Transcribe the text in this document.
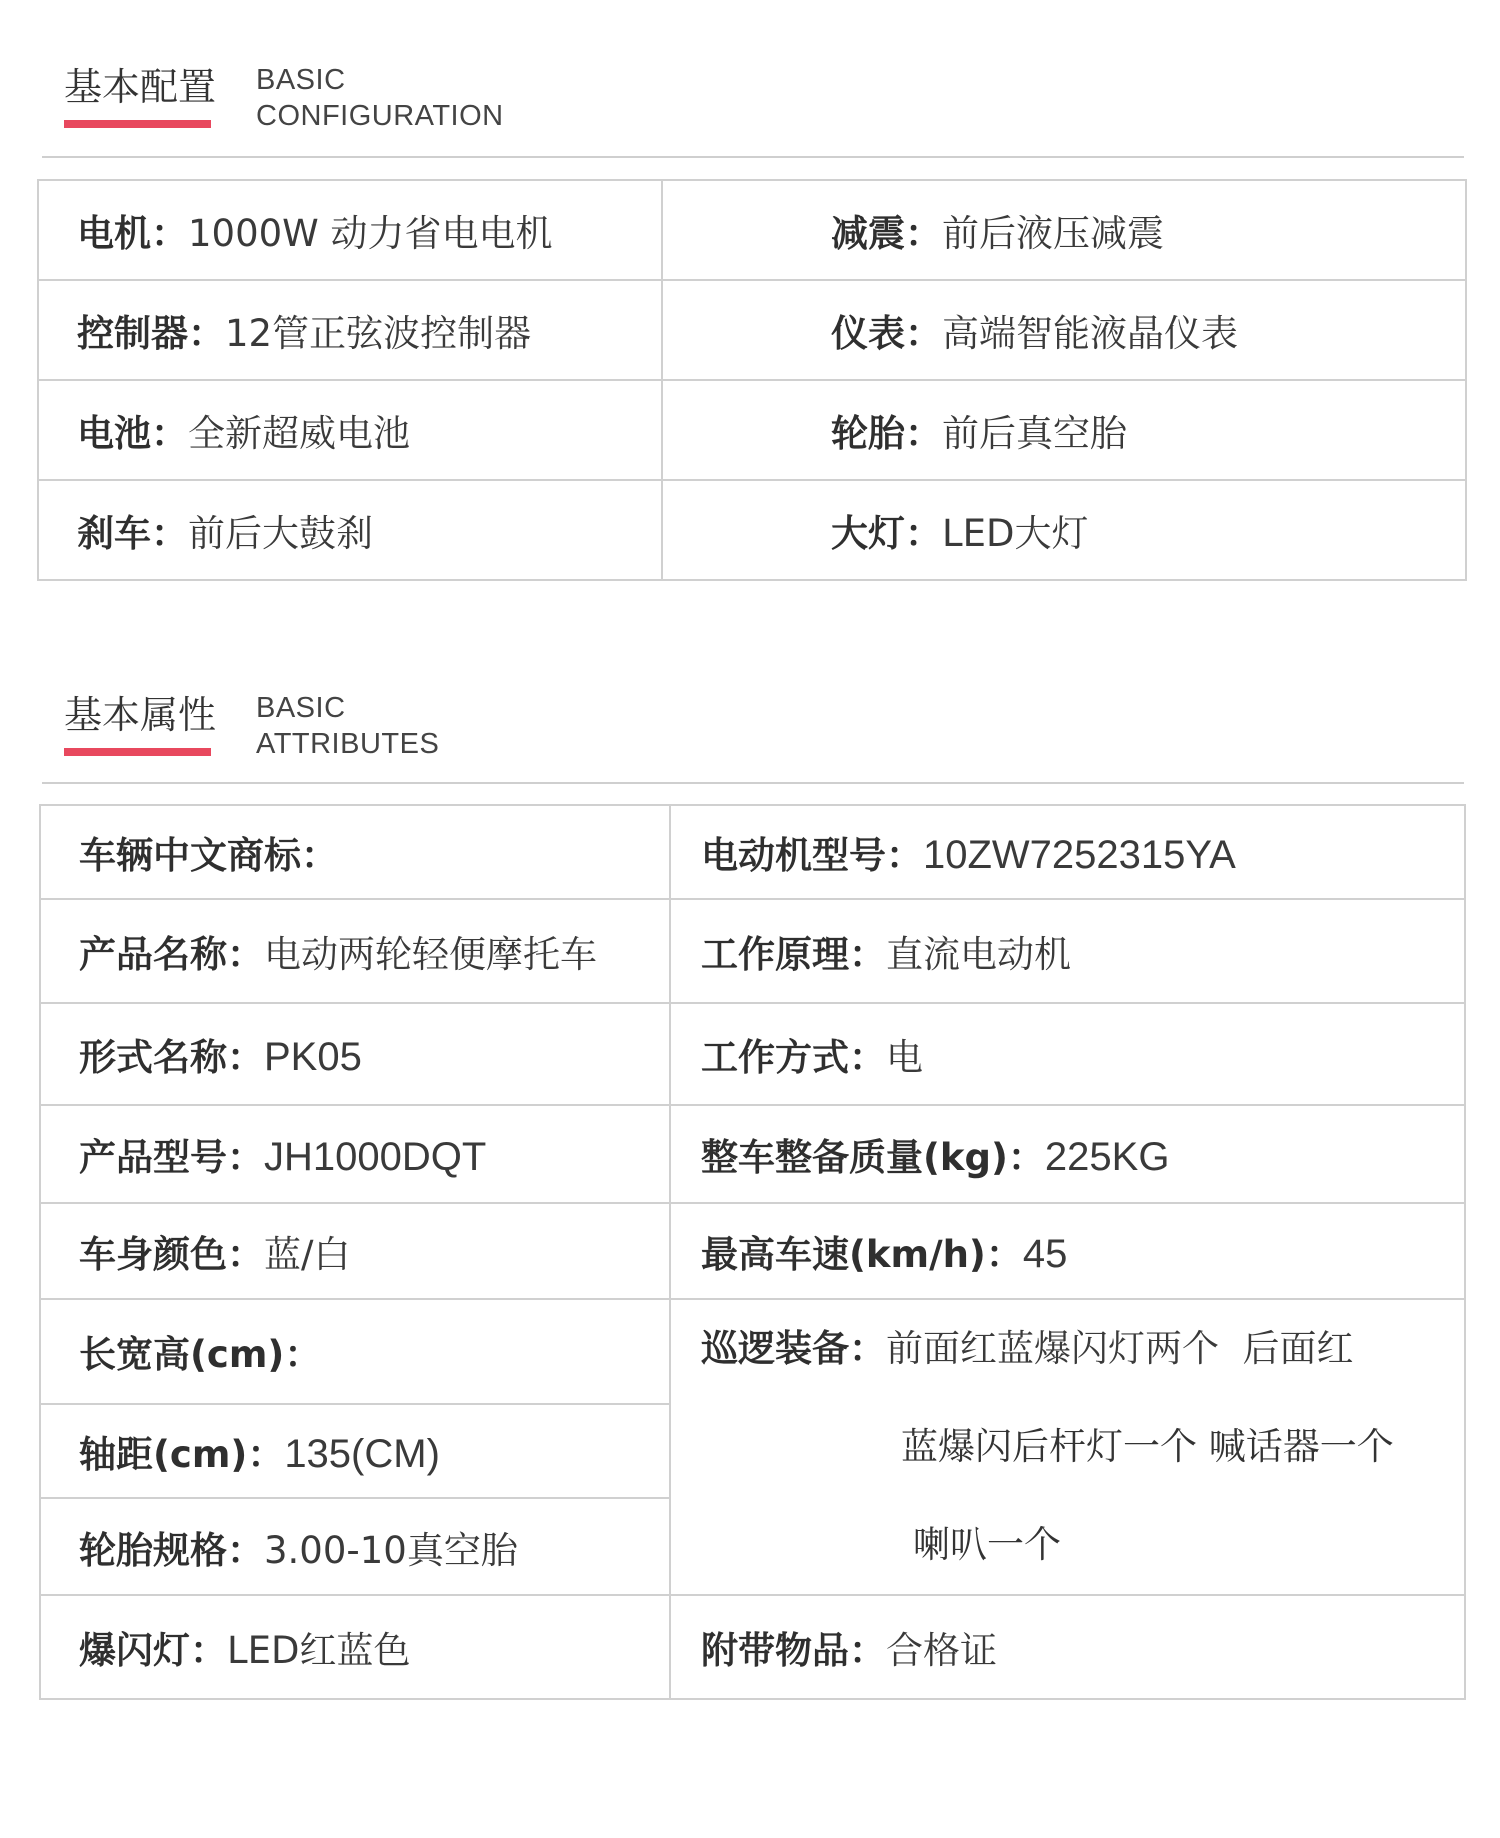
基本配置 BASIC
CONFIGURATION
电机：1000W 动力省电电机	减震：前后液压减震
控制器：12管正弦波控制器	仪表：高端智能液晶仪表
电池：全新超威电池	轮胎：前后真空胎
刹车：前后大鼓刹	大灯：LED大灯
基本属性 BASIC
ATTRIBUTES
车辆中文商标：	电动机型号：10ZW7252315YA
产品名称：电动两轮轻便摩托车	工作原理：直流电动机
形式名称：PK05	工作方式：电
产品型号：JH1000DQT	整车整备质量(kg)：225KG
车身颜色：蓝/白	最高车速(km/h)：45
长宽高(cm)：	巡逻装备：前面红蓝爆闪灯两个  后面红
蓝爆闪后杆灯一个 喊话器一个
喇叭一个

轴距(cm)：135(CM)	
轮胎规格：3.00-10真空胎	
爆闪灯：LED红蓝色	附带物品：合格证
